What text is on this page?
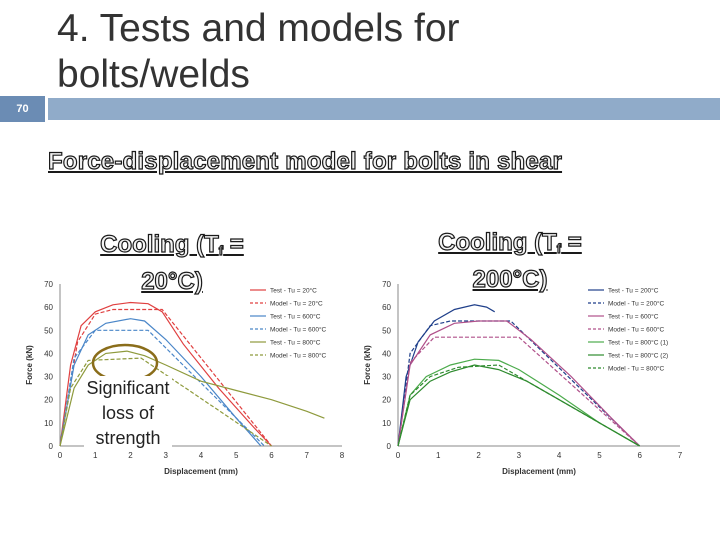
70
4. Tests and models for bolts/welds
Force-displacement model for bolts in shear
0
10
20
30
40
50
60
70
0	1	2	3	4	5	6	7	8
Displacement (mm)
Force (kN)
Test - Tu = 20°C
Model - Tu = 20°C
Test - Tu = 600°C
Model - Tu = 600°C
Test - Tu = 800°C
Model - Tu = 800°C
0
10
20
30
40
50
60
70
0	1	2	3	4	5	6	7
Displacement (mm)
Force (kN)
Test - Tu = 200°C
Model - Tu = 200°C
Test - Tu = 600°C
Model - Tu = 600°C
Test - Tu = 800°C (1)
Test - Tu = 800°C (2)
Model - Tu = 800°C
Cooling (Tf = 20°C)
Cooling (Tf = 200°C)
Significant loss of strength
